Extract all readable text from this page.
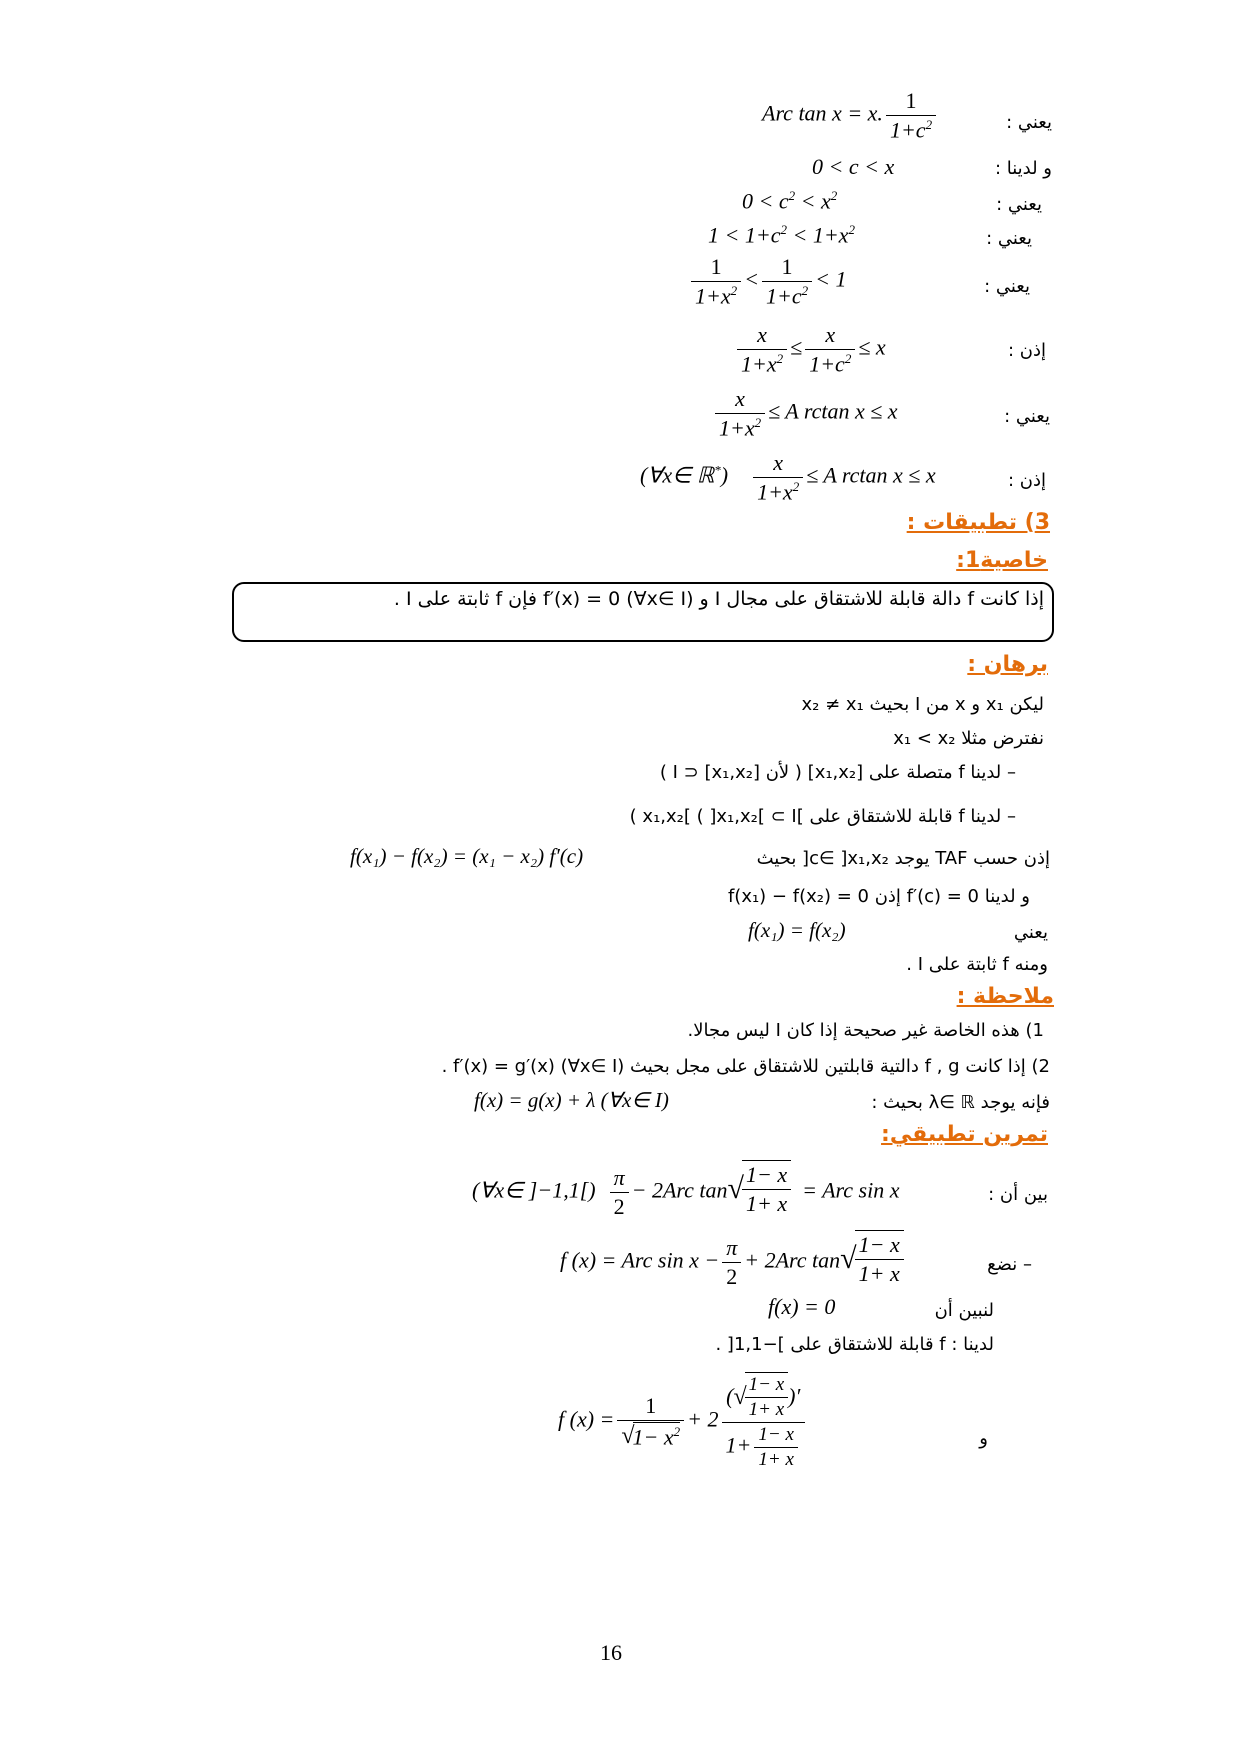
يعني :
Arc tan x = x. $\frac{1}{1+c^2}$
و لدينا :
0 < c < x
يعني :
$0 < c^2 < x^2$
يعني :
$1 < 1+c^2 < 1+x^2$
يعني :
$\frac{1}{1+x^2} < \frac{1}{1+c^2} < 1$
إذن :
$\frac{x}{1+x^2} \le \frac{x}{1+c^2} \le x$
يعني :
$\frac{x}{1+x^2} \le A$ rctan x ≤ x
إذن :
(∀x∈ ℝ*) $\frac{x}{1+x^2} \le A$ rctan x ≤ x
3) تطبيقات :
خاصية1:
إذا كانت f دالة قابلة للاشتقاق على مجال I و f′(x) = 0 (∀x∈ I) فإن f ثابتة على I .
برهان :
ليكن x₁ و x من I بحيث x₂ ≠ x₁
نفترض مثلا x₁ < x₂
– لدينا f متصلة على [x₁,x₂] ( لأن [x₁,x₂] ⊂ I )
– لدينا f قابلة للاشتقاق على ]x₁,x₂[ ( ]x₁,x₂[ ⊂ I )
إذن حسب TAF يوجد c∈ ]x₁,x₂[ بحيث
f(x₁) − f(x₂) = (x₁ − x₂) f′(c)
و لدينا f′(c) = 0 إذن f(x₁) − f(x₂) = 0
يعني
f(x₁) = f(x₂)
ومنه f ثابتة على I .
ملاحظة :
1) هذه الخاصة غير صحيحة إذا كان I ليس مجالا.
2) إذا كانت f , g دالتية قابلتين للاشتقاق على مجل بحيث f′(x) = g′(x) (∀x∈ I) .
فإنه يوجد λ∈ ℝ بحيث :
f(x) = g(x) + λ (∀x∈ I)
تمرين تطبيقي:
بين أن :
(∀x∈ ]$-1,1[) \frac{\pi}{2} - 2Arc$ tan √
$\frac{1- x}{1+ x}$ = Arc sin x
– نضع
f (x) = Arc $\sin x - \frac{\pi}{2} + 2Arc$ tan √
$\frac{1- x}{1+ x}$
لنبين أن
f(x) = 0
لدينا : f قابلة للاشتقاق على ]−1,1[ .
و
f (x) = 1
√
$1- x^2 + 2$ ( √
$\frac{1- x}{1+ x}$ )′
$1+ \frac{1- x}{1+ x}$
16
